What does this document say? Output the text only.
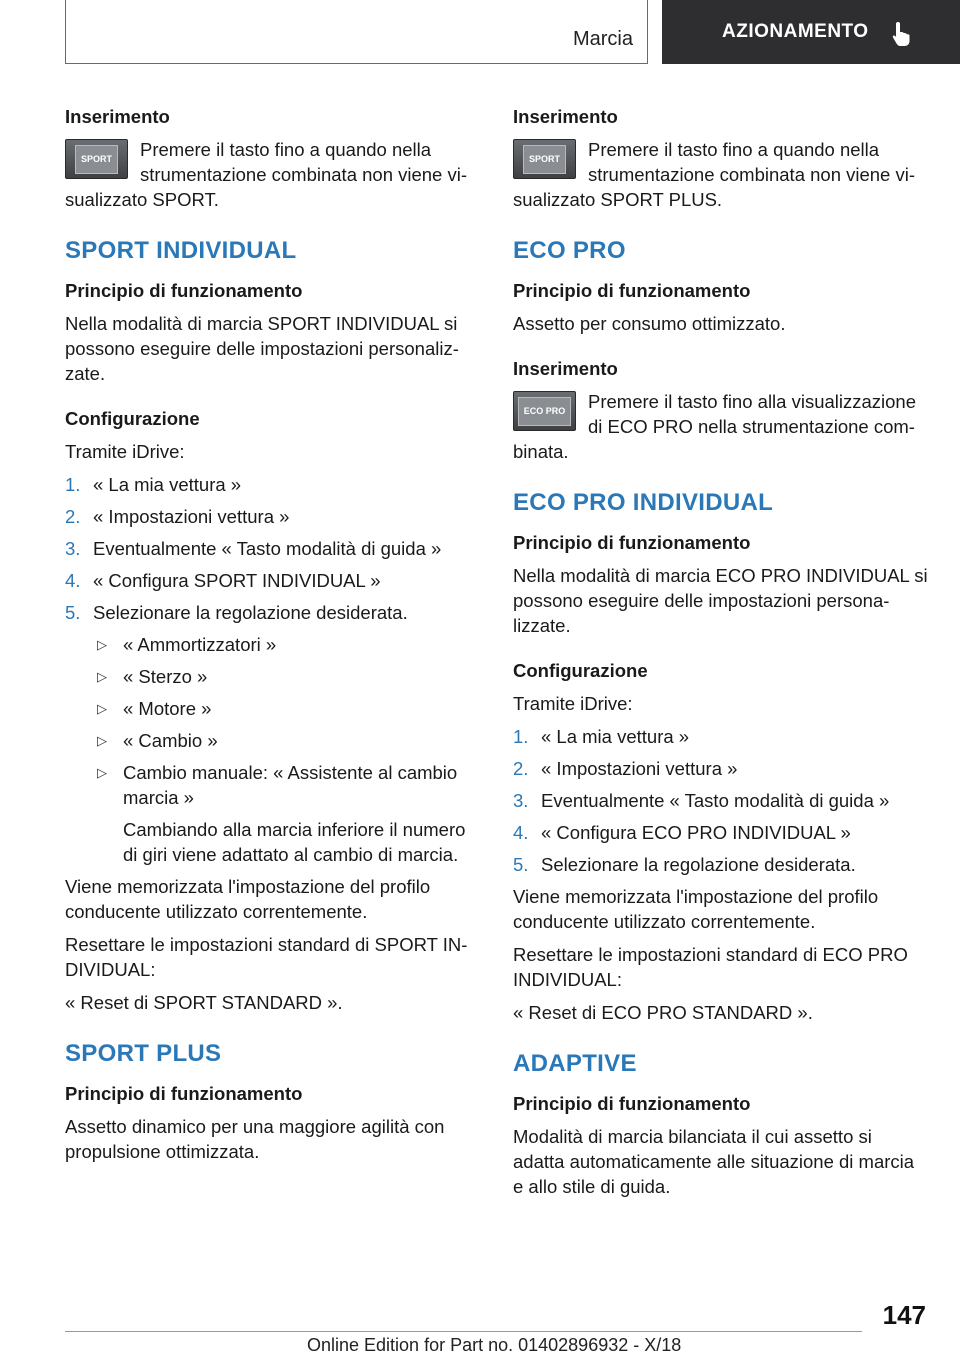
Marcia	AZIONAMENTO
Inserimento
SPORT	Premere il tasto fino a quando nella strumentazione combinata non viene vi-
sualizzato SPORT.
SPORT INDIVIDUAL
Principio di funzionamento
Nella modalità di marcia SPORT INDIVIDUAL si possono eseguire delle impostazioni personaliz-zate.
Configurazione
Tramite iDrive:
1. « La mia vettura »
2. « Impostazioni vettura »
3. Eventualmente « Tasto modalità di guida »
4. « Configura SPORT INDIVIDUAL »
5. Selezionare la regolazione desiderata.
▷ « Ammortizzatori »
▷ « Sterzo »
▷ « Motore »
▷ « Cambio »
▷ Cambio manuale: « Assistente al cambio marcia »
Cambiando alla marcia inferiore il numero di giri viene adattato al cambio di marcia.
Viene memorizzata l'impostazione del profilo conducente utilizzato correntemente.
Resettare le impostazioni standard di SPORT IN-DIVIDUAL:
« Reset di SPORT STANDARD ».
SPORT PLUS
Principio di funzionamento
Assetto dinamico per una maggiore agilità con propulsione ottimizzata.
Inserimento
SPORT	Premere il tasto fino a quando nella strumentazione combinata non viene vi-
sualizzato SPORT PLUS.
ECO PRO
Principio di funzionamento
Assetto per consumo ottimizzato.
Inserimento
ECO PRO	Premere il tasto fino alla visualizzazione di ECO PRO nella strumentazione com-
binata.
ECO PRO INDIVIDUAL
Principio di funzionamento
Nella modalità di marcia ECO PRO INDIVIDUAL si possono eseguire delle impostazioni persona-lizzate.
Configurazione
Tramite iDrive:
1. « La mia vettura »
2. « Impostazioni vettura »
3. Eventualmente « Tasto modalità di guida »
4. « Configura ECO PRO INDIVIDUAL »
5. Selezionare la regolazione desiderata.
Viene memorizzata l'impostazione del profilo conducente utilizzato correntemente.
Resettare le impostazioni standard di ECO PRO INDIVIDUAL:
« Reset di ECO PRO STANDARD ».
ADAPTIVE
Principio di funzionamento
Modalità di marcia bilanciata il cui assetto si adatta automaticamente alle situazione di marcia e allo stile di guida.
147
Online Edition for Part no. 01402896932 - X/18
